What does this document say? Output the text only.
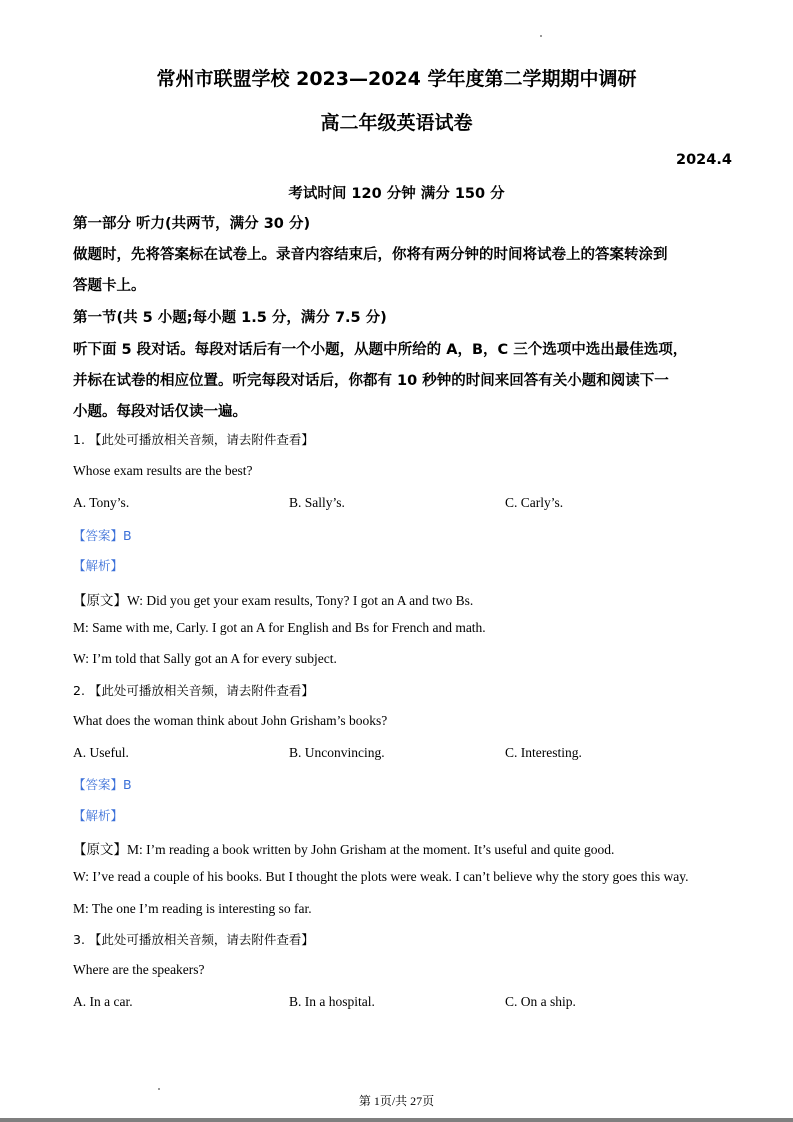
常州市联盟学校 2023—2024 学年度第二学期期中调研
高二年级英语试卷
2024.4
考试时间 120 分钟 满分 150 分
第一部分 听力(共两节，满分 30 分)
做题时，先将答案标在试卷上。录音内容结束后，你将有两分钟的时间将试卷上的答案转涂到
答题卡上。
第一节(共 5 小题;每小题 1.5 分，满分 7.5 分)
听下面 5 段对话。每段对话后有一个小题，从题中所给的 A，B，C 三个选项中选出最佳选项，
并标在试卷的相应位置。听完每段对话后，你都有 10 秒钟的时间来回答有关小题和阅读下一
小题。每段对话仅读一遍。
1. 【此处可播放相关音频，请去附件查看】
Whose exam results are the best?
A. Tony’s.	B. Sally’s.	C. Carly’s.
【答案】B
【解析】
【原文】W: Did you get your exam results, Tony? I got an A and two Bs.
M: Same with me, Carly. I got an A for English and Bs for French and math.
W: I’m told that Sally got an A for every subject.
2. 【此处可播放相关音频，请去附件查看】
What does the woman think about John Grisham’s books?
A. Useful.	B. Unconvincing.	C. Interesting.
【答案】B
【解析】
【原文】M: I’m reading a book written by John Grisham at the moment. It’s useful and quite good.
W: I’ve read a couple of his books. But I thought the plots were weak. I can’t believe why the story goes this way.
M: The one I’m reading is interesting so far.
3. 【此处可播放相关音频，请去附件查看】
Where are the speakers?
A. In a car.	B. In a hospital.	C. On a ship.
第 1页/共 27页
